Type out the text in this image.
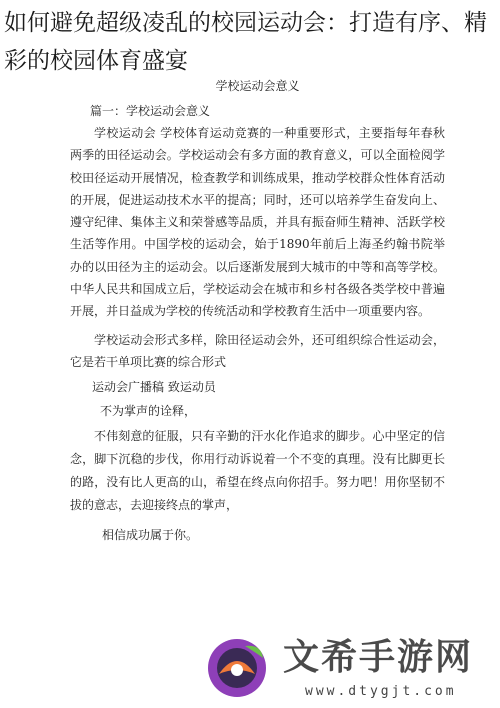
如何避免超级凌乱的校园运动会：打造有序、精彩的校园体育盛宴
学校运动会意义
篇一：学校运动会意义

学校运动会 学校体育运动竞赛的一种重要形式，主要指每年春秋两季的田径运动会。学校运动会有多方面的教育意义，可以全面检阅学校田径运动开展情况，检查教学和训练成果，推动学校群众性体育活动的开展，促进运动技术水平的提高；同时，还可以培养学生奋发向上、遵守纪律、集体主义和荣誉感等品质，并具有振奋师生精神、活跃学校生活等作用。中国学校的运动会，始于1890年前后上海圣约翰书院举办的以田径为主的运动会。以后逐渐发展到大城市的中等和高等学校。中华人民共和国成立后，学校运动会在城市和乡村各级各类学校中普遍开展，并日益成为学校的传统活动和学校教育生活中一项重要内容。

学校运动会形式多样，除田径运动会外，还可组织综合性运动会，它是若干单项比赛的综合形式

运动会广播稿 致运动员
不为掌声的诠释，

不伟刻意的征服，只有辛勤的汗水化作追求的脚步。心中坚定的信念，脚下沉稳的步伐，你用行动诉说着一个不变的真理。没有比脚更长的路，没有比人更高的山，希望在终点向你招手。努力吧！用你坚韧不拔的意志，去迎接终点的掌声，

相信成功属于你。
文希手游网
www.dtygjt.com
